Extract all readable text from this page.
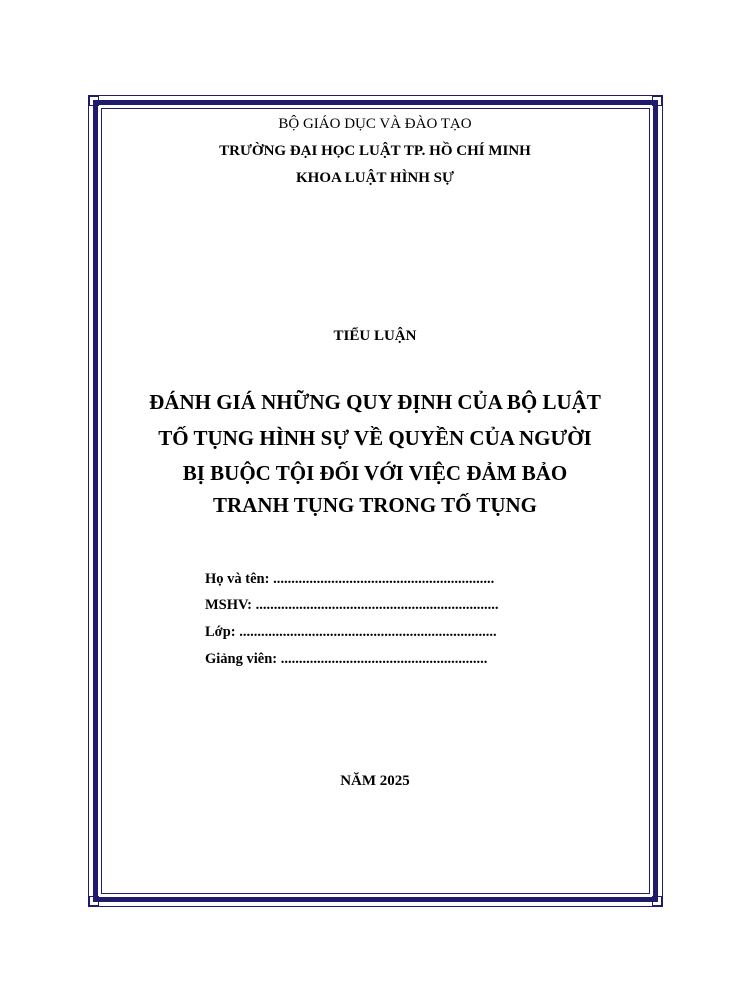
BỘ GIÁO DỤC VÀ ĐÀO TẠO
TRƯỜNG ĐẠI HỌC LUẬT TP. HỒ CHÍ MINH
KHOA LUẬT HÌNH SỰ
TIỂU LUẬN
ĐÁNH GIÁ NHỮNG QUY ĐỊNH CỦA BỘ LUẬT
TỐ TỤNG HÌNH SỰ VỀ QUYỀN CỦA NGƯỜI
BỊ BUỘC TỘI ĐỐI VỚI VIỆC ĐẢM BẢO
TRANH TỤNG TRONG TỐ TỤNG
Họ và tên: .............................................................
MSHV: ...................................................................
Lớp: .......................................................................
Giảng viên: .........................................................
NĂM 2025
